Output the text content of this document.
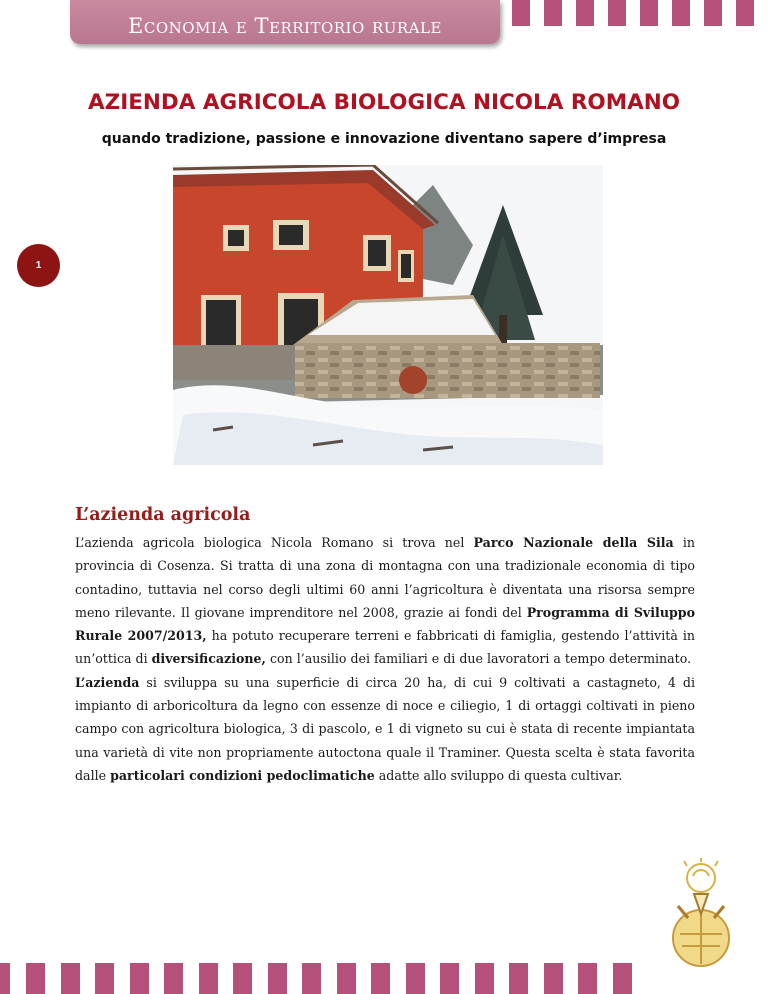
Economia e Territorio rurale
AZIENDA AGRICOLA BIOLOGICA NICOLA ROMANO
quando tradizione, passione e innovazione diventano sapere d’impresa
1
L’azienda agricola
L’azienda agricola biologica Nicola Romano si trova nel Parco Nazionale della Sila in provincia di Cosenza. Si tratta di una zona di montagna con una tradizionale economia di tipo contadino, tuttavia nel corso degli ultimi 60 anni l’agricoltura è diventata una risorsa sempre meno rilevante. Il giovane imprenditore nel 2008, grazie ai fondi del Programma di Sviluppo Rurale 2007/2013, ha potuto recuperare terreni e fabbricati di famiglia, gestendo l’attività in un’ottica di diversificazione, con l’ausilio dei familiari e di due lavoratori a tempo determinato.
L’azienda si sviluppa su una superficie di circa 20 ha, di cui 9 coltivati a castagneto, 4 di impianto di arboricoltura da legno con essenze di noce e ciliegio, 1 di ortaggi coltivati in pieno campo con agricoltura biologica, 3 di pascolo, e 1 di vigneto su cui è stata di recente impiantata una varietà di vite non propriamente autoctona quale il Traminer. Questa scelta è stata favorita dalle particolari condizioni pedoclimatiche adatte allo sviluppo di questa cultivar.
